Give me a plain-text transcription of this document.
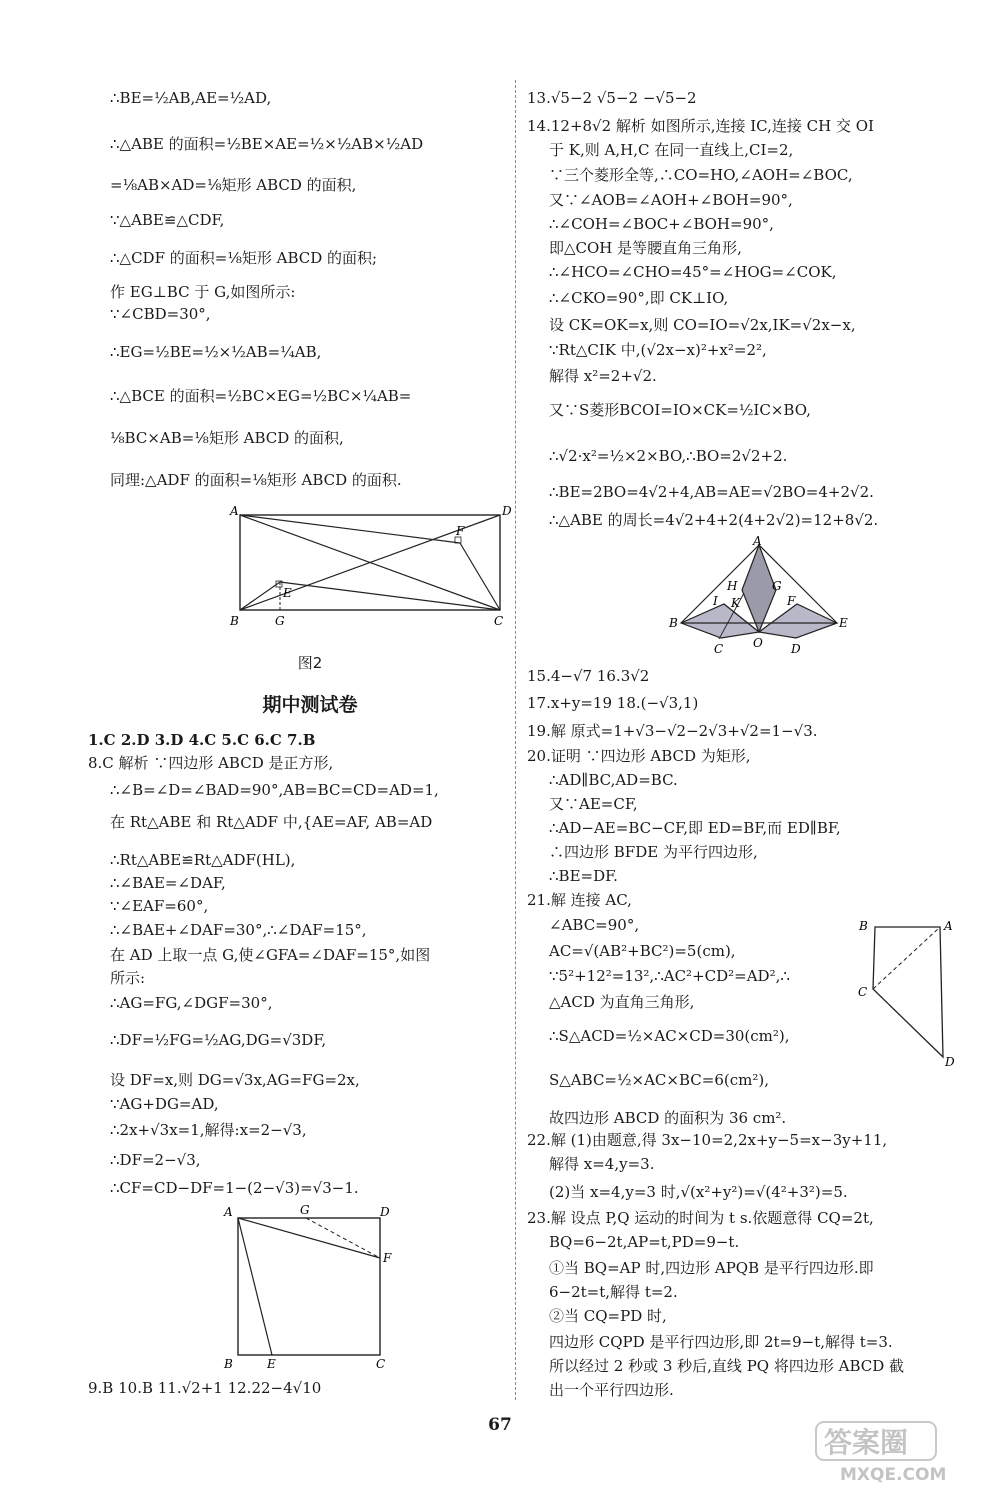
∴BE=½AB,AE=½AD,
∴△ABE 的面积=½BE×AE=½×½AB×½AD
=⅛AB×AD=⅛矩形 ABCD 的面积,
∵△ABE≌△CDF,
∴△CDF 的面积=⅛矩形 ABCD 的面积;
作 EG⊥BC 于 G,如图所示:
∵∠CBD=30°,
∴EG=½BE=½×½AB=¼AB,
∴△BCE 的面积=½BC×EG=½BC×¼AB=
⅛BC×AB=⅛矩形 ABCD 的面积,
同理:△ADF 的面积=⅛矩形 ABCD 的面积.
A	D
F
E
B	G	C
图2
期中测试卷
1.C 2.D 3.D 4.C 5.C 6.C 7.B
8.C 解析 ∵四边形 ABCD 是正方形,
∴∠B=∠D=∠BAD=90°,AB=BC=CD=AD=1,
在 Rt△ABE 和 Rt△ADF 中,{AE=AF, AB=AD
∴Rt△ABE≌Rt△ADF(HL),
∴∠BAE=∠DAF,
∵∠EAF=60°,
∴∠BAE+∠DAF=30°,∴∠DAF=15°,
在 AD 上取一点 G,使∠GFA=∠DAF=15°,如图
所示:
∴AG=FG,∠DGF=30°,
∴DF=½FG=½AG,DG=√3DF,
设 DF=x,则 DG=√3x,AG=FG=2x,
∵AG+DG=AD,
∴2x+√3x=1,解得:x=2−√3,
∴DF=2−√3,
∴CF=CD−DF=1−(2−√3)=√3−1.
A	G	D
F
B	E	C
9.B 10.B 11.√2+1 12.22−4√10
13.√5−2 √5−2 −√5−2
14.12+8√2 解析 如图所示,连接 IC,连接 CH 交 OI
于 K,则 A,H,C 在同一直线上,CI=2,
∵三个菱形全等,∴CO=HO,∠AOH=∠BOC,
又∵∠AOB=∠AOH+∠BOH=90°,
∴∠COH=∠BOC+∠BOH=90°,
即△COH 是等腰直角三角形,
∴∠HCO=∠CHO=45°=∠HOG=∠COK,
∴∠CKO=90°,即 CK⊥IO,
设 CK=OK=x,则 CO=IO=√2x,IK=√2x−x,
∵Rt△CIK 中,(√2x−x)²+x²=2²,
解得 x²=2+√2.
又∵S菱形BCOI=IO×CK=½IC×BO,
∴√2·x²=½×2×BO,∴BO=2√2+2.
∴BE=2BO=4√2+4,AB=AE=√2BO=4+2√2.
∴△ABE 的周长=4√2+4+2(4+2√2)=12+8√2.
A
H	G
I K	F
B
O
E
C	D
15.4−√7 16.3√2
17.x+y=19 18.(−√3,1)
19.解 原式=1+√3−√2−2√3+√2=1−√3.
20.证明 ∵四边形 ABCD 为矩形,
∴AD∥BC,AD=BC.
又∵AE=CF,
∴AD−AE=BC−CF,即 ED=BF,而 ED∥BF,
∴四边形 BFDE 为平行四边形,
∴BE=DF.
21.解 连接 AC,
∠ABC=90°,
AC=√(AB²+BC²)=5(cm),
∵5²+12²=13²,∴AC²+CD²=AD²,∴
△ACD 为直角三角形,
∴S△ACD=½×AC×CD=30(cm²),
S△ABC=½×AC×BC=6(cm²),
故四边形 ABCD 的面积为 36 cm².
B	A
C
D
22.解 (1)由题意,得 3x−10=2,2x+y−5=x−3y+11,
解得 x=4,y=3.
(2)当 x=4,y=3 时,√(x²+y²)=√(4²+3²)=5.
23.解 设点 P,Q 运动的时间为 t s.依题意得 CQ=2t,
BQ=6−2t,AP=t,PD=9−t.
①当 BQ=AP 时,四边形 APQB 是平行四边形.即
6−2t=t,解得 t=2.
②当 CQ=PD 时,
四边形 CQPD 是平行四边形,即 2t=9−t,解得 t=3.
所以经过 2 秒或 3 秒后,直线 PQ 将四边形 ABCD 截
出一个平行四边形.
67
答案圈
MXQE.COM
